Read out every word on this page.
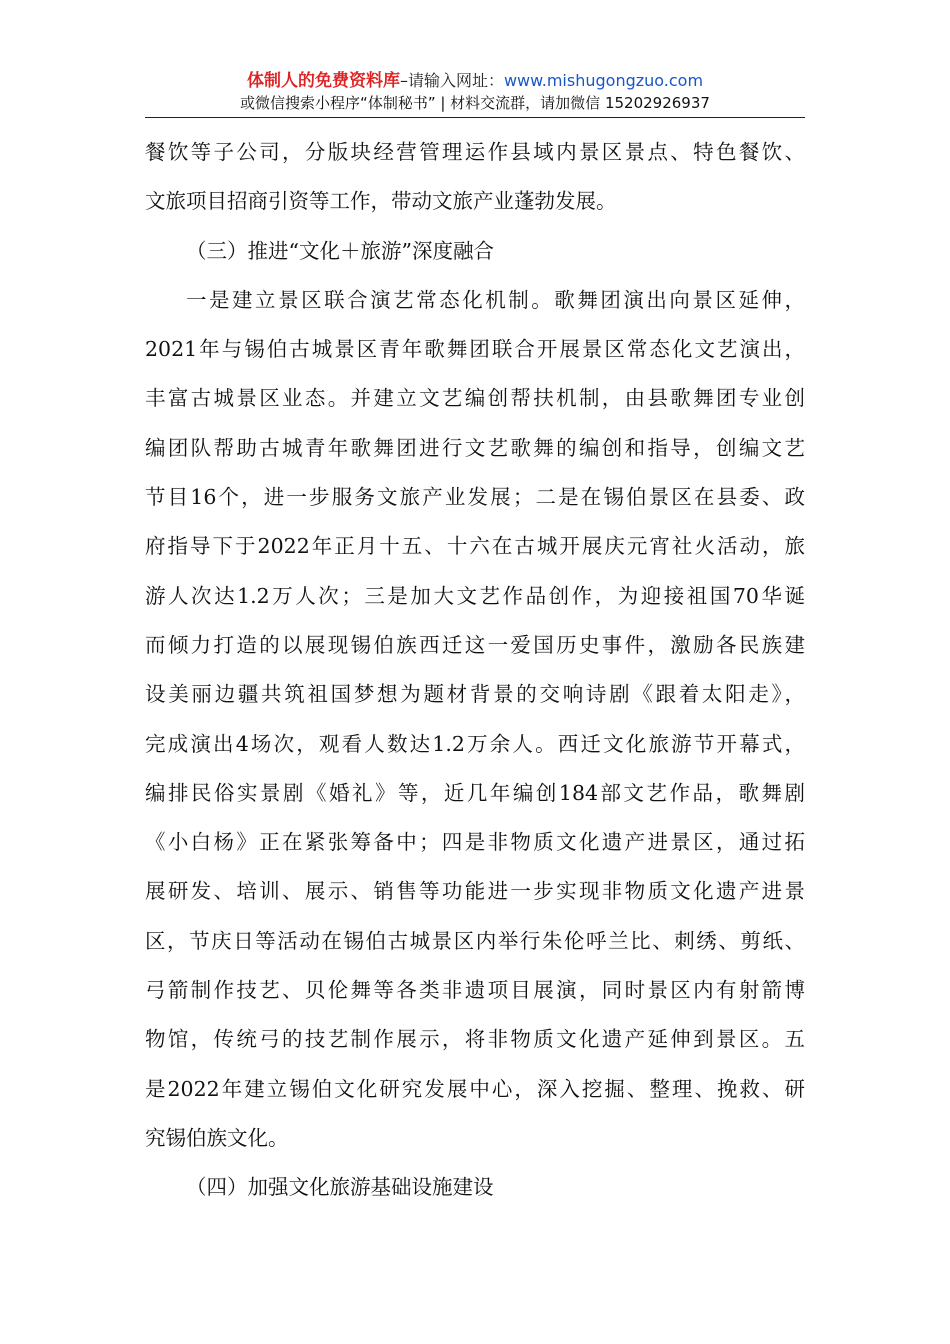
体制人的免费资料库–请输入网址：www.mishugongzuo.com
或微信搜索小程序“体制秘书” | 材料交流群，请加微信 15202926937
餐饮等子公司，分版块经营管理运作县域内景区景点、特色餐饮、
文旅项目招商引资等工作，带动文旅产业蓬勃发展。
（三）推进“文化＋旅游”深度融合
一是建立景区联合演艺常态化机制。歌舞团演出向景区延伸，
2021年与锡伯古城景区青年歌舞团联合开展景区常态化文艺演出，
丰富古城景区业态。并建立文艺编创帮扶机制，由县歌舞团专业创
编团队帮助古城青年歌舞团进行文艺歌舞的编创和指导，创编文艺
节目16个，进一步服务文旅产业发展；二是在锡伯景区在县委、政
府指导下于2022年正月十五、十六在古城开展庆元宵社火活动，旅
游人次达1.2万人次；三是加大文艺作品创作，为迎接祖国70华诞
而倾力打造的以展现锡伯族西迁这一爱国历史事件，激励各民族建
设美丽边疆共筑祖国梦想为题材背景的交响诗剧《跟着太阳走》，
完成演出4场次，观看人数达1.2万余人。西迁文化旅游节开幕式，
编排民俗实景剧《婚礼》等，近几年编创184部文艺作品，歌舞剧
《小白杨》正在紧张筹备中；四是非物质文化遗产进景区，通过拓
展研发、培训、展示、销售等功能进一步实现非物质文化遗产进景
区，节庆日等活动在锡伯古城景区内举行朱伦呼兰比、刺绣、剪纸、
弓箭制作技艺、贝伦舞等各类非遗项目展演，同时景区内有射箭博
物馆，传统弓的技艺制作展示，将非物质文化遗产延伸到景区。五
是2022年建立锡伯文化研究发展中心，深入挖掘、整理、挽救、研
究锡伯族文化。
（四）加强文化旅游基础设施建设
